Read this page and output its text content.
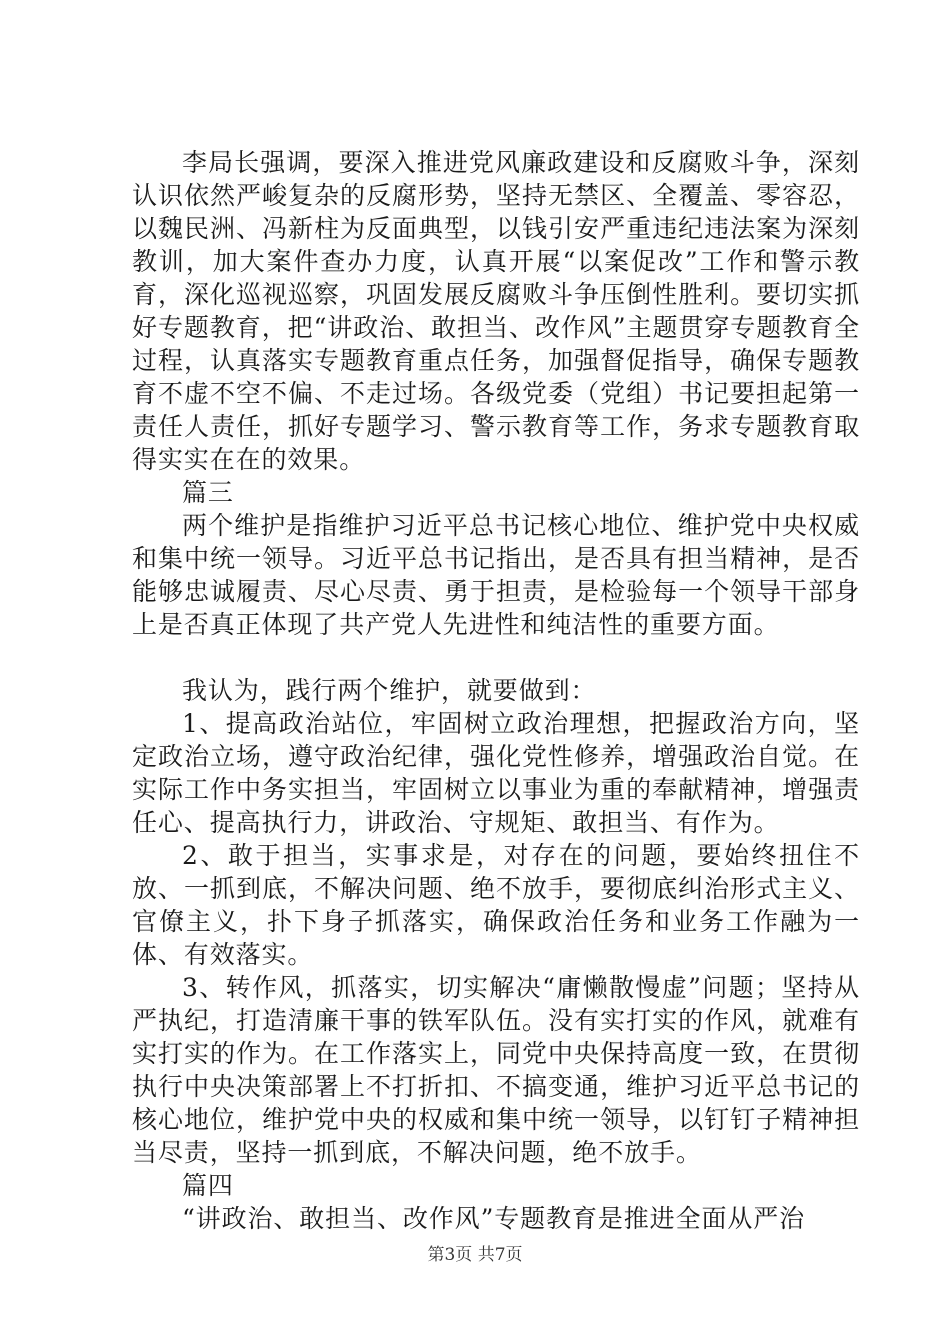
李局长强调，要深入推进党风廉政建设和反腐败斗争，深刻认识依然严峻复杂的反腐形势，坚持无禁区、全覆盖、零容忍，以魏民洲、冯新柱为反面典型，以钱引安严重违纪违法案为深刻教训，加大案件查办力度，认真开展“以案促改”工作和警示教育，深化巡视巡察，巩固发展反腐败斗争压倒性胜利。要切实抓好专题教育，把“讲政治、敢担当、改作风”主题贯穿专题教育全过程，认真落实专题教育重点任务，加强督促指导，确保专题教育不虚不空不偏、不走过场。各级党委（党组）书记要担起第一责任人责任，抓好专题学习、警示教育等工作，务求专题教育取得实实在在的效果。

篇三

两个维护是指维护习近平总书记核心地位、维护党中央权威和集中统一领导。习近平总书记指出，是否具有担当精神，是否能够忠诚履责、尽心尽责、勇于担责，是检验每一个领导干部身上是否真正体现了共产党人先进性和纯洁性的重要方面。

我认为，践行两个维护，就要做到：

1、提高政治站位，牢固树立政治理想，把握政治方向，坚定政治立场，遵守政治纪律，强化党性修养，增强政治自觉。在实际工作中务实担当，牢固树立以事业为重的奉献精神，增强责任心、提高执行力，讲政治、守规矩、敢担当、有作为。

2、敢于担当，实事求是，对存在的问题，要始终扭住不放、一抓到底，不解决问题、绝不放手，要彻底纠治形式主义、官僚主义，扑下身子抓落实，确保政治任务和业务工作融为一体、有效落实。

3、转作风，抓落实，切实解决“庸懒散慢虚”问题；坚持从严执纪，打造清廉干事的铁军队伍。没有实打实的作风，就难有实打实的作为。在工作落实上，同党中央保持高度一致，在贯彻执行中央决策部署上不打折扣、不搞变通，维护习近平总书记的核心地位，维护党中央的权威和集中统一领导，以钉钉子精神担当尽责，坚持一抓到底，不解决问题，绝不放手。

篇四

“讲政治、敢担当、改作风”专题教育是推进全面从严治

第3页 共7页
